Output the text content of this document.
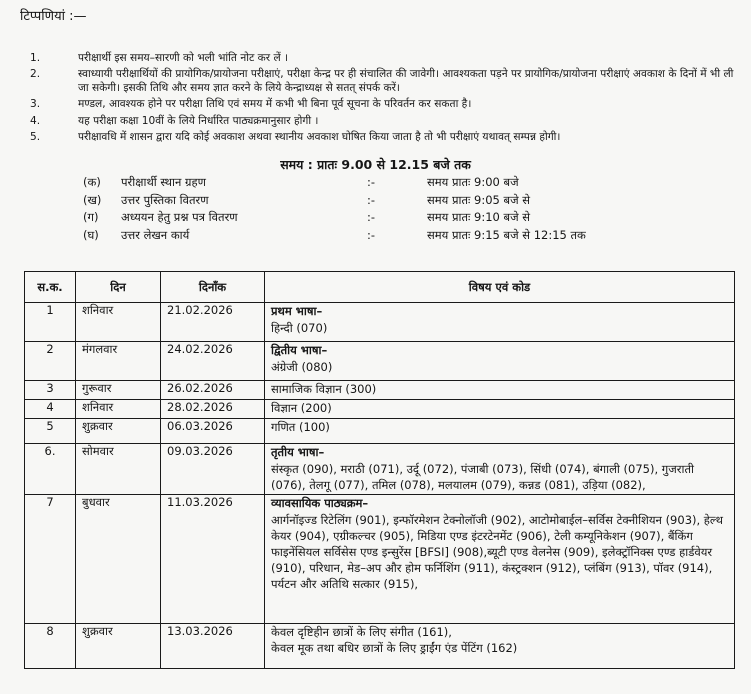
टिप्पणियां :—
1.	परीक्षार्थी इस समय–सारणी को भली भांति नोट कर लें ।
2.	स्वाध्यायी परीक्षार्थियों की प्रायोगिक/प्रायोजना परीक्षाएं, परीक्षा केन्द्र पर ही संचालित की जावेगी। आवश्यकता पड़ने पर प्रायोगिक/प्रायोजना परीक्षाएं अवकाश के दिनों में भी ली जा सकेगी। इसकी तिथि और समय ज्ञात करने के लिये केन्द्राध्यक्ष से सतत् संपर्क करें।
3.	मण्डल, आवश्यक होने पर परीक्षा तिथि एवं समय में कभी भी बिना पूर्व सूचना के परिवर्तन कर सकता है।
4.	यह परीक्षा कक्षा 10वीं के लिये निर्धारित पाठ्यक्रमानुसार होगी ।
5.	परीक्षावधि में शासन द्वारा यदि कोई अवकाश अथवा स्थानीय अवकाश घोषित किया जाता है तो भी परीक्षाएं यथावत् सम्पन्न होगी।
समय : प्रातः 9.00 से 12.15 बजे तक
(क)	परीक्षार्थी स्थान ग्रहण	:-	समय प्रातः 9:00 बजे
(ख)	उत्तर पुस्तिका वितरण	:-	समय प्रातः 9:05 बजे से
(ग)	अध्ययन हेतु प्रश्न पत्र वितरण	:-	समय प्रातः 9:10 बजे से
(घ)	उत्तर लेखन कार्य	:-	समय प्रातः 9:15 बजे से 12:15 तक
स.क.	दिन	दिनाँक	विषय एवं कोड
1	शनिवार	21.02.2026	प्रथम भाषा–
हिन्दी (070)

2	मंगलवार	24.02.2026	द्वितीय भाषा–
अंग्रेजी (080)

3	गुरूवार	26.02.2026	सामाजिक विज्ञान (300)

4	शनिवार	28.02.2026	विज्ञान (200)

5	शुक्रवार	06.03.2026	गणित (100)

6.	सोमवार	09.03.2026	तृतीय भाषा–
संस्कृत (090), मराठी (071), उर्दू (072), पंजाबी (073), सिंधी (074), बंगाली (075), गुजराती (076), तेलगू (077), तमिल (078), मलयालम (079), कन्नड (081), उड़िया (082),

7	बुधवार	11.03.2026	व्यावसायिक पाठ्यक्रम–
आर्गनॉइज्ड रिटेलिंग (901), इन्फॉरमेशन टेक्नोलॉजी (902), आटोमोबाईल–सर्विस टेक्नीशियन (903), हेल्थ केयर (904), एग्रीकल्चर (905), मिडिया एण्ड इंटरटेनमेंट (906), टेली कम्यूनिकेशन (907), बैंकिंग फाइनेंसियल सर्विसेस एण्ड इन्सुरेंस [BFSI] (908),ब्यूटी एण्ड वेलनेस (909), इलेक्ट्रॉनिक्स एण्ड हार्डवेयर (910), परिधान, मेड–अप और होम फर्निशिंग (911), कंस्ट्रक्शन (912), प्लंबिंग (913), पॉवर (914), पर्यटन और अतिथि सत्कार (915),

8	शुक्रवार	13.03.2026	केवल दृष्टिहीन छात्रों के लिए संगीत (161),
केवल मूक तथा बधिर छात्रों के लिए ड्राईंग एंड पेंटिंग (162)
